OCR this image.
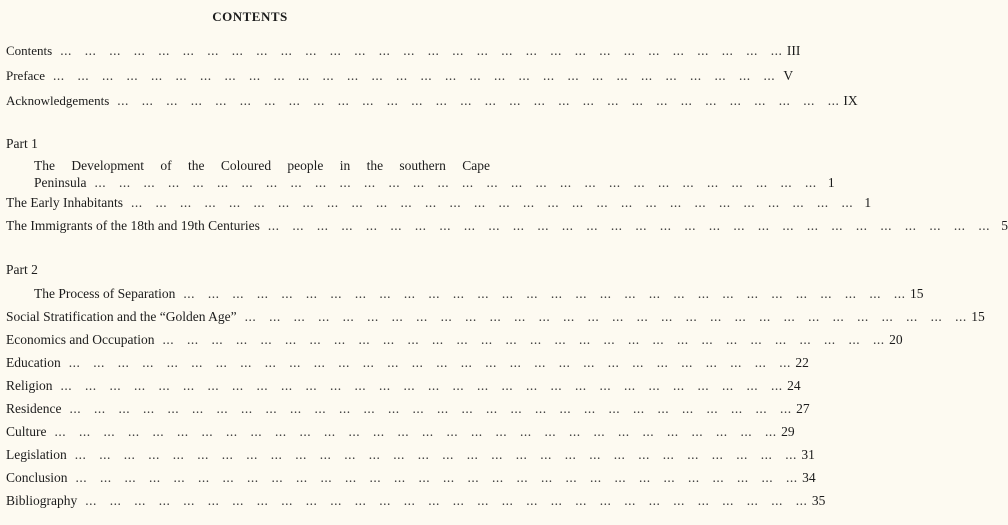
CONTENTS
Contents ... ... ... ... ... ... ... ... ... ... ... ... ... ... ... ... ... ... ... ... ... ... ... ... ... ... ... ... ... ... III
Preface ... ... ... ... ... ... ... ... ... ... ... ... ... ... ... ... ... ... ... ... ... ... ... ... ... ... ... ... ... ... V
Acknowledgements ... ... ... ... ... ... ... ... ... ... ... ... ... ... ... ... ... ... ... ... ... ... ... ... ... ... ... ... ... ... IX
Part 1
The Development of the Coloured people in the southern Cape
Peninsula ... ... ... ... ... ... ... ... ... ... ... ... ... ... ... ... ... ... ... ... ... ... ... ... ... ... ... ... ... ... 1
The Early Inhabitants ... ... ... ... ... ... ... ... ... ... ... ... ... ... ... ... ... ... ... ... ... ... ... ... ... ... ... ... ... ... 1
The Immigrants of the 18th and 19th Centuries ... ... ... ... ... ... ... ... ... ... ... ... ... ... ... ... ... ... ... ... ... ... ... ... ... ... ... ... ... ... 5
Part 2
The Process of Separation ... ... ... ... ... ... ... ... ... ... ... ... ... ... ... ... ... ... ... ... ... ... ... ... ... ... ... ... ... ... 15
Social Stratification and the “Golden Age” ... ... ... ... ... ... ... ... ... ... ... ... ... ... ... ... ... ... ... ... ... ... ... ... ... ... ... ... ... ... 15
Economics and Occupation ... ... ... ... ... ... ... ... ... ... ... ... ... ... ... ... ... ... ... ... ... ... ... ... ... ... ... ... ... ... 20
Education ... ... ... ... ... ... ... ... ... ... ... ... ... ... ... ... ... ... ... ... ... ... ... ... ... ... ... ... ... ... 22
Religion ... ... ... ... ... ... ... ... ... ... ... ... ... ... ... ... ... ... ... ... ... ... ... ... ... ... ... ... ... ... 24
Residence ... ... ... ... ... ... ... ... ... ... ... ... ... ... ... ... ... ... ... ... ... ... ... ... ... ... ... ... ... ... 27
Culture ... ... ... ... ... ... ... ... ... ... ... ... ... ... ... ... ... ... ... ... ... ... ... ... ... ... ... ... ... ... 29
Legislation ... ... ... ... ... ... ... ... ... ... ... ... ... ... ... ... ... ... ... ... ... ... ... ... ... ... ... ... ... ... 31
Conclusion ... ... ... ... ... ... ... ... ... ... ... ... ... ... ... ... ... ... ... ... ... ... ... ... ... ... ... ... ... ... 34
Bibliography ... ... ... ... ... ... ... ... ... ... ... ... ... ... ... ... ... ... ... ... ... ... ... ... ... ... ... ... ... ... 35
